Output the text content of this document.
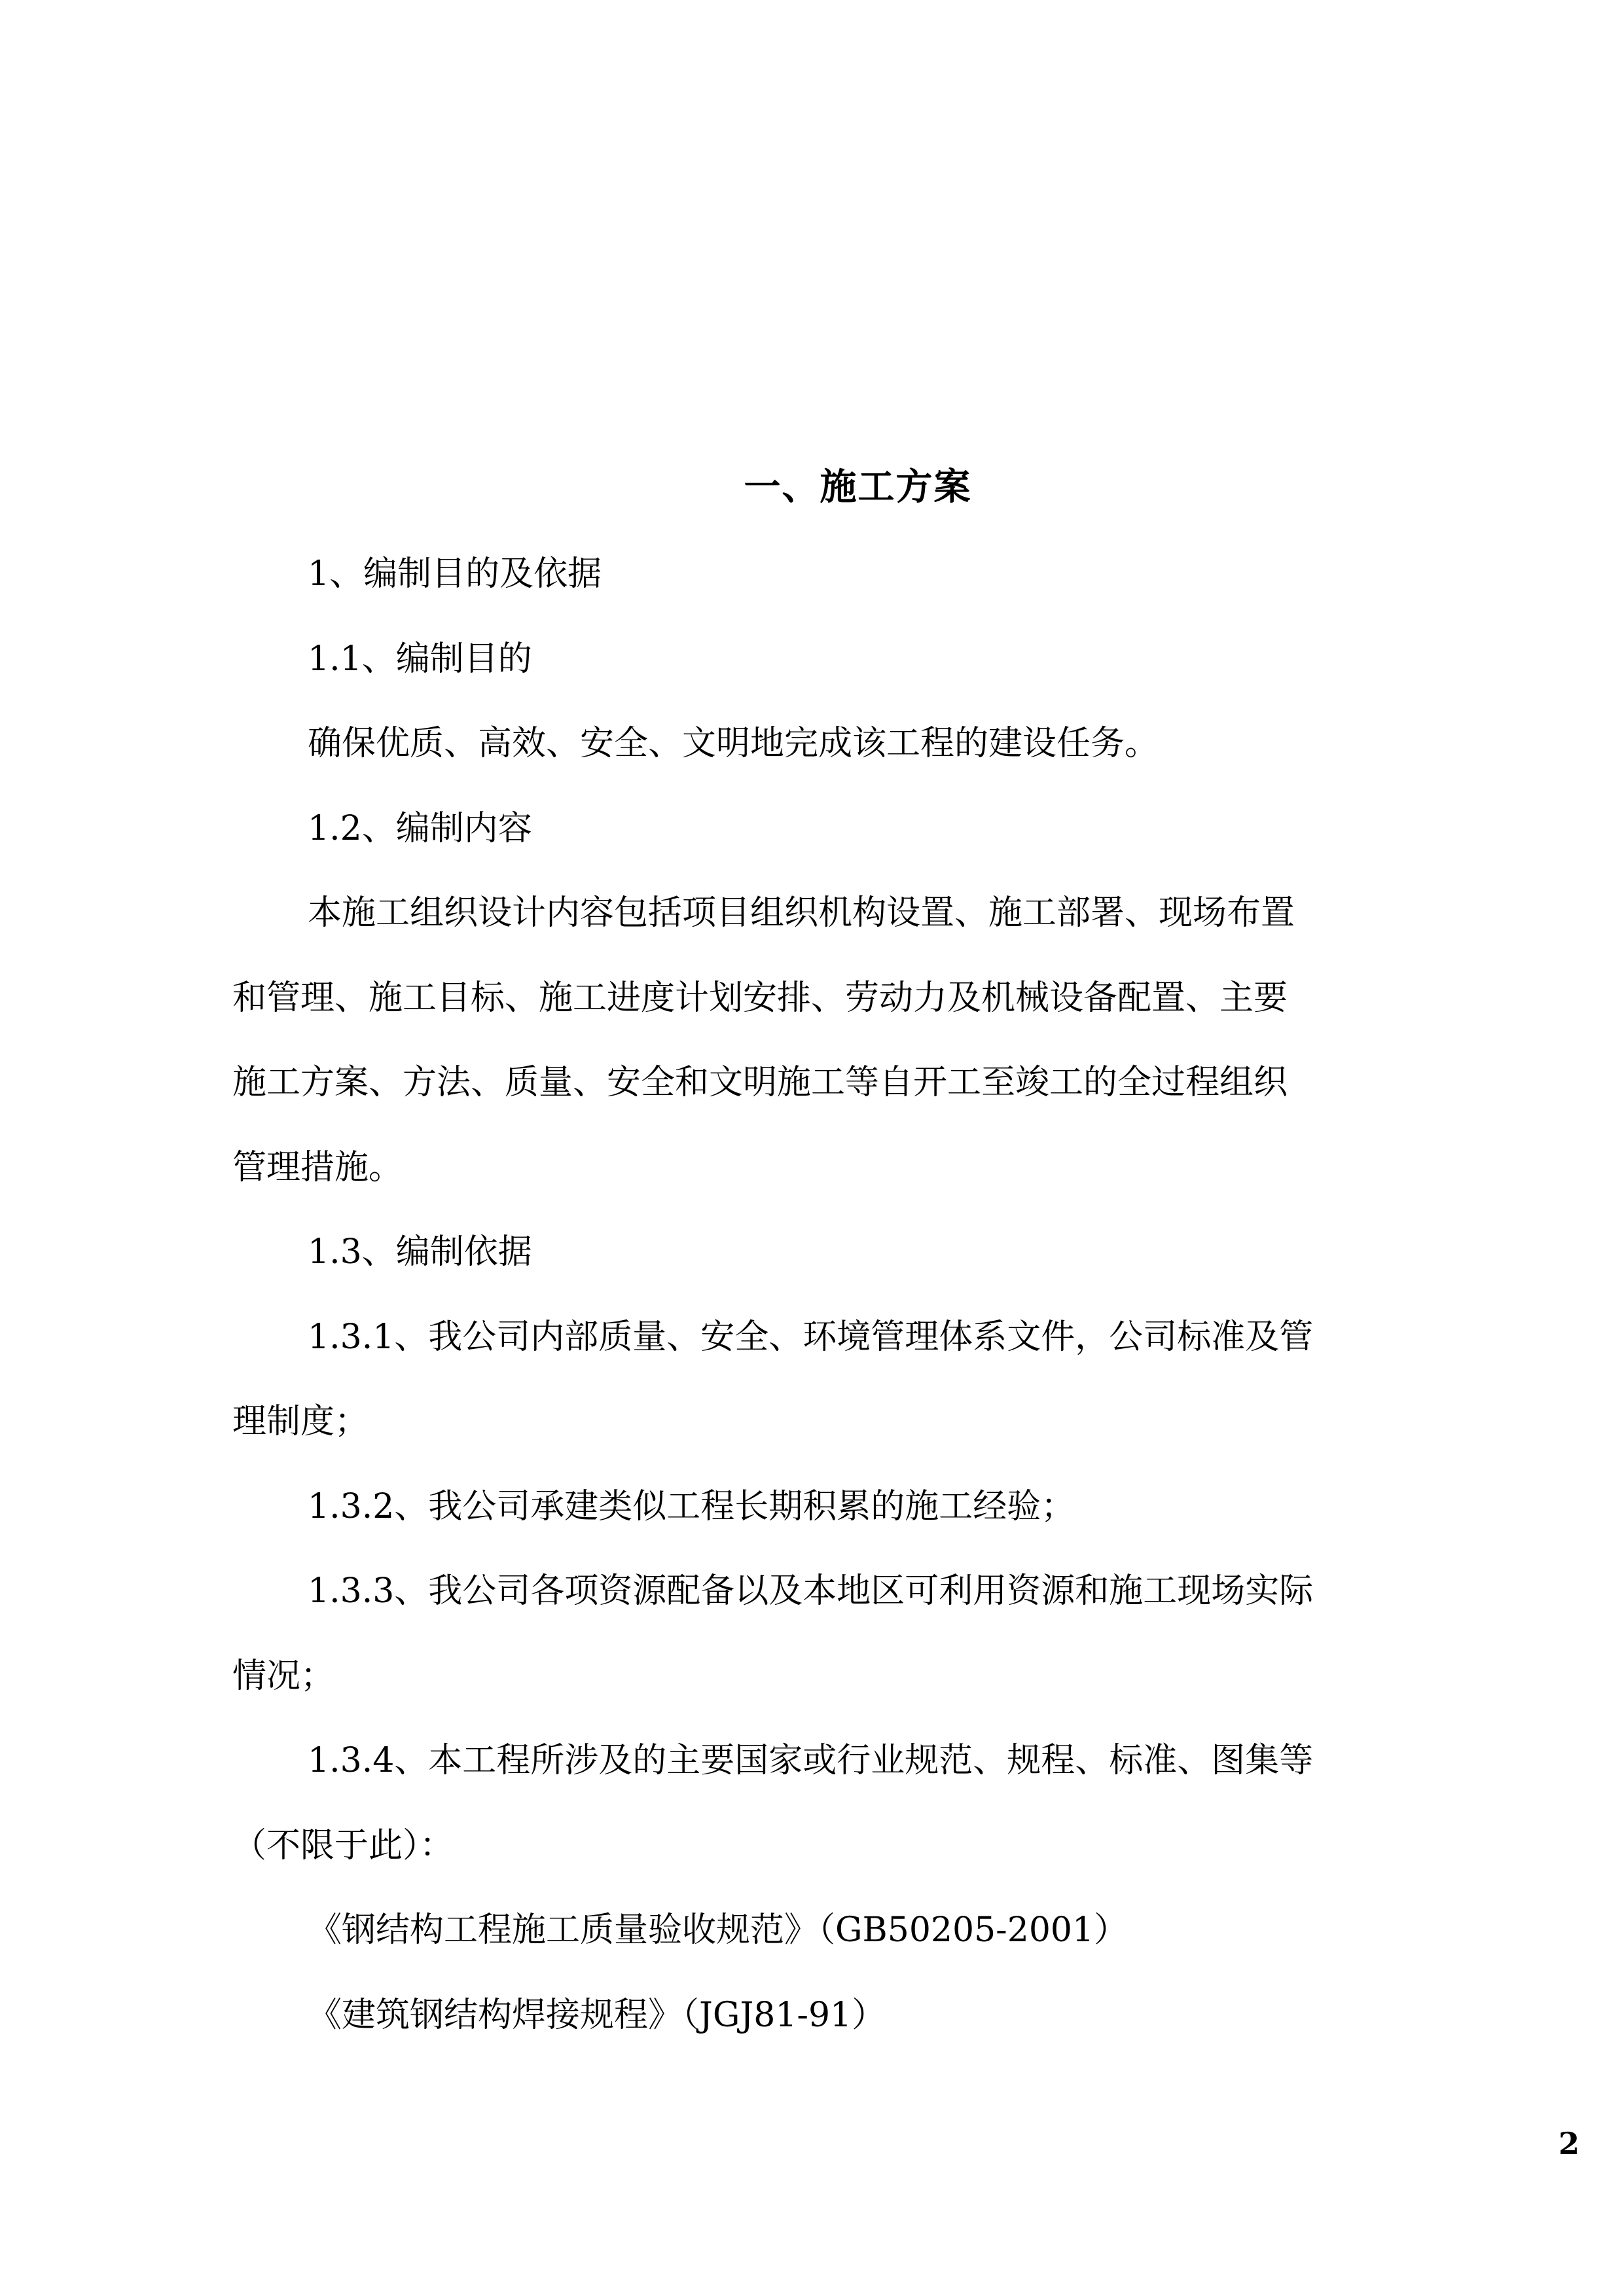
一、施工方案
1、编制目的及依据
1.1、编制目的
确保优质、高效、安全、文明地完成该工程的建设任务。
1.2、编制内容
本施工组织设计内容包括项目组织机构设置、施工部署、现场布置
和管理、施工目标、施工进度计划安排、劳动力及机械设备配置、主要
施工方案、方法、质量、安全和文明施工等自开工至竣工的全过程组织
管理措施。
1.3、编制依据
1.3.1、我公司内部质量、安全、环境管理体系文件，公司标准及管
理制度；
1.3.2、我公司承建类似工程长期积累的施工经验；
1.3.3、我公司各项资源配备以及本地区可利用资源和施工现场实际
情况；
1.3.4、本工程所涉及的主要国家或行业规范、规程、标准、图集等
（不限于此）：
《钢结构工程施工质量验收规范》（GB50205-2001）
《建筑钢结构焊接规程》（JGJ81-91）
2
